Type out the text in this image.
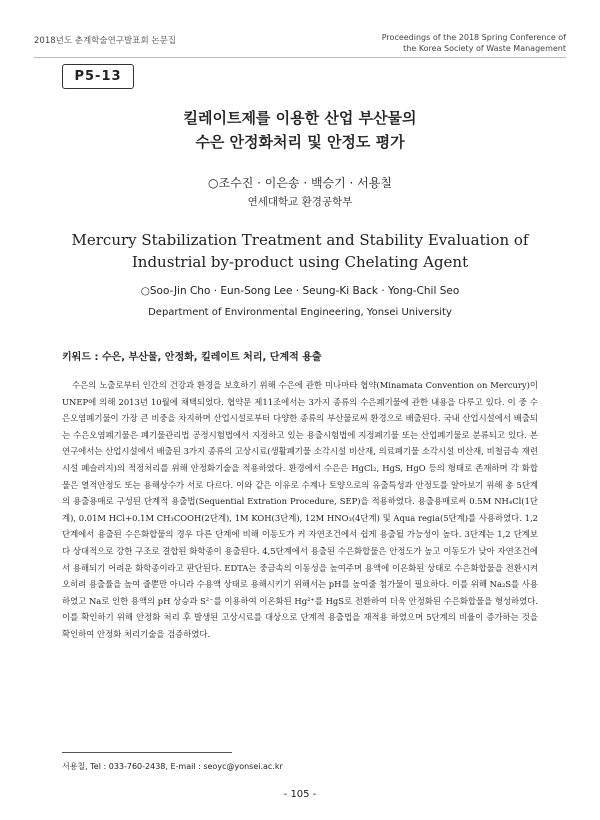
2018년도 춘계학술연구발표회 논문집	Proceedings of the 2018 Spring Conference of
the Korea Society of Waste Management
P5-13
킬레이트제를 이용한 산업 부산물의
수은 안정화처리 및 안정도 평가
○조수진 · 이은송 · 백승기 · 서용칠
연세대학교 환경공학부
Mercury Stabilization Treatment and Stability Evaluation of
Industrial by-product using Chelating Agent
○Soo-Jin Cho · Eun-Song Lee · Seung-Ki Back · Yong-Chil Seo
Department of Environmental Engineering, Yonsei University
키워드 : 수은, 부산물, 안정화, 킬레이트 처리, 단계적 용출

수은의 노출로부터 인간의 건강과 환경을 보호하기 위해 수은에 관한 미나마타 협약(Minamata Convention on Mercury)이 UNEP에 의해 2013년 10월에 채택되었다. 협약문 제11조에서는 3가지 종류의 수은폐기물에 관한 내용을 다루고 있다. 이 중 수은오염폐기물이 가장 큰 비중을 차지하며 산업시설로부터 다양한 종류의 부산물로써 환경으로 배출된다. 국내 산업시설에서 배출되는 수은오염폐기물은 폐기물관리법 공정시험법에서 지정하고 있는 용출시험법에 지정폐기물 또는 산업폐기물로 분류되고 있다. 본 연구에서는 산업시설에서 배출된 3가지 종류의 고상시료(생활폐기물 소각시설 비산재, 의료폐기물 소각시설 비산재, 비철금속 재련시설 폐슬러지)의 적정처리를 위해 안정화기술을 적용하였다. 환경에서 수은은 HgCl₂, HgS, HgO 등의 형태로 존재하며 각 화합물은 열적안정도 또는 용해상수가 서로 다르다. 이와 같은 이유로 수계나 토양으로의 유출특성과 안정도를 알아보기 위해 총 5단계의 용출용매로 구성된 단계적 용출법(Sequential Extration Procedure, SEP)을 적용하였다. 용출용매로써 0.5M NH₄Cl(1단계), 0.01M HCl+0.1M CH₃COOH(2단계), 1M KOH(3단계), 12M HNO₃(4단계) 및 Aqua regia(5단계)를 사용하였다. 1,2단계에서 용출된 수은화합물의 경우 다른 단계에 비해 이동도가 커 자연조건에서 쉽게 용출될 가능성이 높다. 3단계는 1,2 단계보다 상대적으로 강한 구조로 결합된 화학종이 용출된다. 4,5단계에서 용출된 수은화합물은 안정도가 높고 이동도가 낮아 자연조건에서 용해되기 어려운 화학종이라고 판단된다. EDTA는 중금속의 이동성을 높여주며 용액에 이온화된 상태로 수은화합물을 전환시켜 오히려 용출률을 높여 줄뿐만 아니라 수용액 상태로 용해시키기 위해서는 pH를 높여줄 첨가물이 필요하다. 이를 위해 Na₂S를 사용하였고 Na로 인한 용액의 pH 상승과 S²⁻를 이용하여 이온화된 Hg²⁺를 HgS로 전환하여 더욱 안정화된 수은화합물을 형성하였다. 이를 확인하기 위해 안정화 처리 후 발생된 고상시료를 대상으로 단계적 용출법을 재적용 하였으며 5단계의 비율이 증가하는 것을 확인하여 안정화 처리기술을 검증하였다.

서용칠, Tel : 033-760-2438, E-mail : seoyc@yonsei.ac.kr
- 105 -
